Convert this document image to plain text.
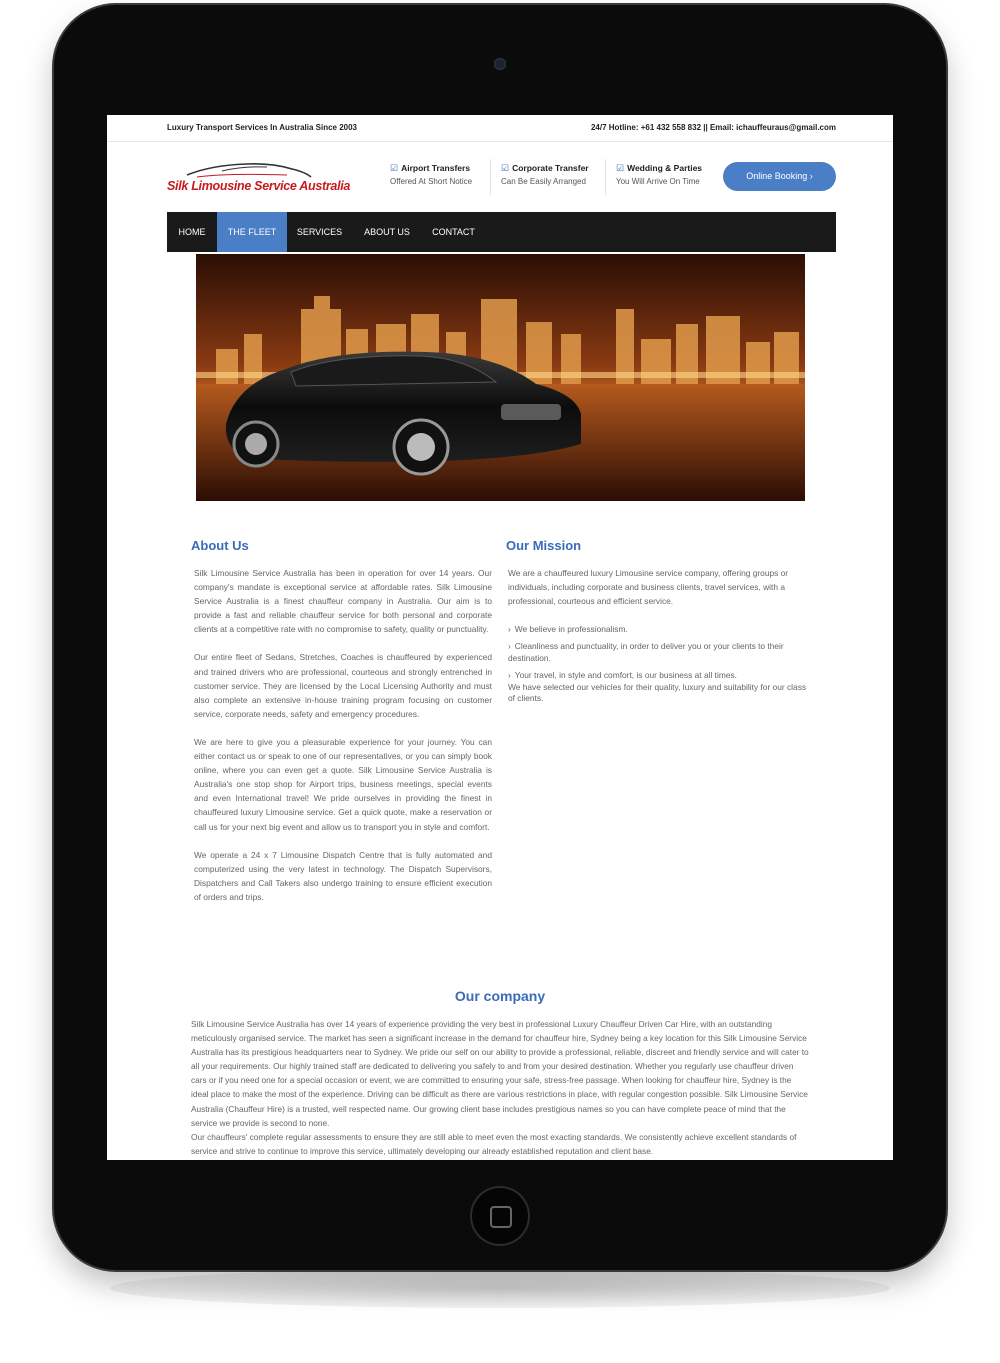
Luxury Transport Services In Australia Since 2003	24/7 Hotline: +61 432 558 832 || Email: ichauffeuraus@gmail.com
Silk Limousine Service Australia
☑ Airport Transfers
Offered At Short Notice
☑ Corporate Transfer
Can Be Easily Arranged
☑ Wedding & Parties
You Will Arrive On Time
Online Booking ›
HOME	THE FLEET	SERVICES	ABOUT US	CONTACT
About Us

Silk Limousine Service Australia has been in operation for over 14 years. Our company's mandate is exceptional service at affordable rates. Silk Limousine Service Australia is a finest chauffeur company in Australia. Our aim is to provide a fast and reliable chauffeur service for both personal and corporate clients at a competitive rate with no compromise to safety, quality or punctuality.

Our entire fleet of Sedans, Stretches, Coaches is chauffeured by experienced and trained drivers who are professional, courteous and strongly entrenched in customer service. They are licensed by the Local Licensing Authority and must also complete an extensive in-house training program focusing on customer service, corporate needs, safety and emergency procedures.

We are here to give you a pleasurable experience for your journey. You can either contact us or speak to one of our representatives, or you can simply book online, where you can even get a quote. Silk Limousine Service Australia is Australia's one stop shop for Airport trips, business meetings, special events and even International travel! We pride ourselves in providing the finest in chauffeured luxury Limousine service. Get a quick quote, make a reservation or call us for your next big event and allow us to transport you in style and comfort.

We operate a 24 x 7 Limousine Dispatch Centre that is fully automated and computerized using the very latest in technology. The Dispatch Supervisors, Dispatchers and Call Takers also undergo training to ensure efficient execution of orders and trips.

Our Mission

We are a chauffeured luxury Limousine service company, offering groups or individuals, including corporate and business clients, travel services, with a professional, courteous and efficient service.

› We believe in professionalism.

› Cleanliness and punctuality, in order to deliver you or your clients to their destination.

› Your travel, in style and comfort, is our business at all times.

We have selected our vehicles for their quality, luxury and suitability for our class of clients.

Our company

Silk Limousine Service Australia has over 14 years of experience providing the very best in professional Luxury Chauffeur Driven Car Hire, with an outstanding meticulously organised service. The market has seen a significant increase in the demand for chauffeur hire, Sydney being a key location for this Silk Limousine Service Australia has its prestigious headquarters near to Sydney. We pride our self on our ability to provide a professional, reliable, discreet and friendly service and will cater to all your requirements. Our highly trained staff are dedicated to delivering you safely to and from your desired destination. Whether you regularly use chauffeur driven cars or if you need one for a special occasion or event, we are committed to ensuring your safe, stress-free passage. When looking for chauffeur hire, Sydney is the ideal place to make the most of the experience. Driving can be difficult as there are various restrictions in place, with regular congestion possible. Silk Limousine Service Australia (Chauffeur Hire) is a trusted, well respected name. Our growing client base includes prestigious names so you can have complete peace of mind that the service we provide is second to none.

Our chauffeurs' complete regular assessments to ensure they are still able to meet even the most exacting standards. We consistently achieve excellent standards of service and strive to continue to improve this service, ultimately developing our already established reputation and client base.
